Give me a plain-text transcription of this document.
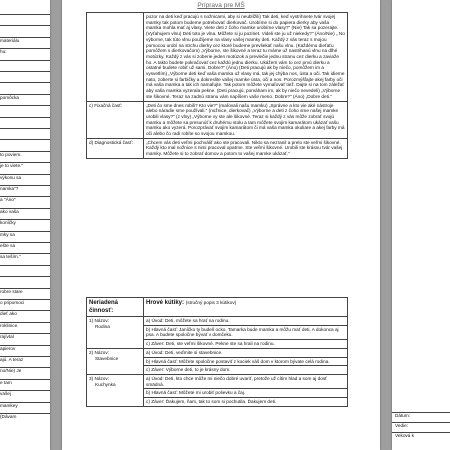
materiálu
hu:
pomôcka
to poviem.
je to viete."
výkonu sa
namka"?
a "Áno"
ako vaša
koníčky
mky sa
ešte sa
sa teším."
robre stare
o pripomoci
dieť ako
roklinice.
rajívtal
apierov
ajú. A teraz
no/Nie) Je
e tam
vašej
mamkey
(Dávam
Príprava pre MŠ
	pozor na deti keď pracujú s nožnicami, aby si neublížili) Tak deti, keď vystrihnete tvár svojej mamky tak potom budeme potrebovať dierkovač. Urobíme si do papiera dierky aby vaša mamka mohla mať aj vlasy. Viete deti z čoho mamke urobíme vlasy?" (Nie) Tak sa pozerajte. (Vyťahujem vlnu) Deti toto je vlna. Môžete si ju poziriet. Videli ste ju už niekedy?" (Áno/Nie) „ No výborne, tak túto vlnu použijeme na vlasy vašej mamky deti. Každý z vás teraz s mojou pomocou urobí na strchu dierky cez ktoré budeme prevliekať našu vlnu. (Každému dieťaťu pomôžem s dierkovačom) „Výborne, ste šikovné a teraz tu máme už nastrihanú vlnu na dlhé motúzky. Každý z vás si zoberie jeden motúzok a prevlečie jednu stranu cez dierku a zaviaže ho. A takto budete pokračovať cez každú jednu dierku. Ukážem vám to cez prvú dierku a ostatné budete robiť už sami. Dobre?" (Áno) (Deti pracujú ak by niečo, pomôžem im a vysvetlím) „Výborne deti keď vaša mamka už vlasy má, tak jej chýba nos, ústa a oči. Tak idieme nato, zoberte si farbičky a dokreslite vašej mamke ústa, oči a nos. Porozmýšľajte akej farby oči má vaša mamka a tak ich namaľujte. Tak potom môžete vymaľovať tiež. Dajte si na tom záležať aby vaša mamka vyzerala pekne. (Deti pracujú, pomáham im, ak by niečo nevedeli) „Výborne ste šikovné. Teraz na zadnú stranu vám napíšem vaše meno. Dobre?" (Áno) „Dobre deti."
c) Fixačná časť:	„Deti čo sme dnes robili? Kto vie?" (maľovali našu mamku) „Správne a kto vie aké nástroje alebo náradie sme používali." (nožnice, dierkovač) „Výborne a deti z čoho sme našej mamke urobili vlasy?" (z vlny) „Výborne vy ste ale šikovné. Teraz si každý z vás môže zobrať svojú mamku a môžete sa presunúť k druhému stolu a tam môžete svojim kamarátom ukázať vašu mamku ako vyzerá. Porozprávať svojim kamarátom či má vaša mamka okuliare a akej farby má oči alebo čo radi robíte so svojou mamkou.
d) Diagnostická časť:	„Chcem vás deti veľmi pochváliť ako ste pracovali. Nikto sa nezranil a prelo ste veľmi šikovné. Každý kto mal nožnice s nimi pracoval opatrne. Ste veľmi šikovné. Urobili ste krásnu tvár vašej mamky. Môžete si to zobrať domov a potom to vašej mamke ukázať."
Neriadená činnosť:	Hrové kútiky: (stručný popis 3 kútikov)

1) Názov:
Rodina	a) Úvod: Deti, môžete sa hrať na rodinu.
	b) Hlavná časť: Janíčko ty budeš ocko, Tamarka bude mamka a môžu mať deti. A dokonca aj psa. A budete spoločne bývať v domčeku.
	c) Záver: Deti, ste veľmi šikovné. Pekne ste sa hrali na rodinu.

2) Názov:
Stavebnice	a) Úvod: Deti, veďmite si stavebnice.
	b) Hlavná časť: Môžete spoločne postaviť z kociek váš dom v ktorom bývate celá rodina.
	c) Záver: Výborne deti, to je krásny dom.

3) Názov:
Kuchynka	a) Úvod: Deti, kto chce môže mi niečo dobré uvariť, pretože už cítim hlad a som aj dosť smädná.
	b) Hlavná časť: Môžete mi urobiť polievku a čaj.
	c) Záver: Ďakujem, ňam, tak to som si pochutila. Ďakujem deti.
Dátum:
Vedie:
Veková k
